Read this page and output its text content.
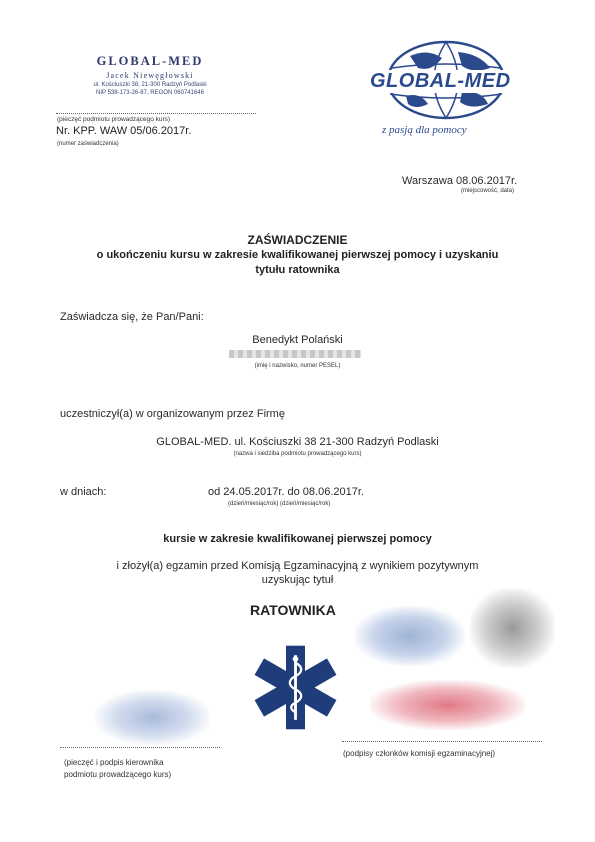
GLOBAL-MED
Jacek Niewęgłowski
ul. Kościuszki 38, 21-300 Radzyń Podlaski
NIP 538-173-26-87, REGON 060741646
(pieczęć podmiotu prowadzącego kurs)
Nr. KPP. WAW 05/06.2017r.
(numer zaświadczenia)
GLOBAL-MED
z pasją dla pomocy
Warszawa 08.06.2017r.
(miejscowość, data)
ZAŚWIADCZENIE
o ukończeniu kursu w zakresie kwalifikowanej pierwszej pomocy i uzyskaniu
tytułu ratownika
Zaświadcza się, że Pan/Pani:
Benedykt Polański
(imię i nazwisko, numer PESEL)
uczestniczył(a) w organizowanym przez Firmę
GLOBAL-MED. ul. Kościuszki 38 21-300 Radzyń Podlaski
(nazwa i siedziba podmiotu prowadzącego kurs)
w dniach:	od 24.05.2017r. do 08.06.2017r.
(dzień/miesiąc/rok) (dzień/miesiąc/rok)
kursie w zakresie kwalifikowanej pierwszej pomocy
i złożył(a) egzamin przed Komisją Egzaminacyjną z wynikiem pozytywnym
uzyskując tytuł
RATOWNIKA
(pieczęć i podpis kierownika
podmiotu prowadzącego kurs)
(podpisy członków komisji egzaminacyjnej)
